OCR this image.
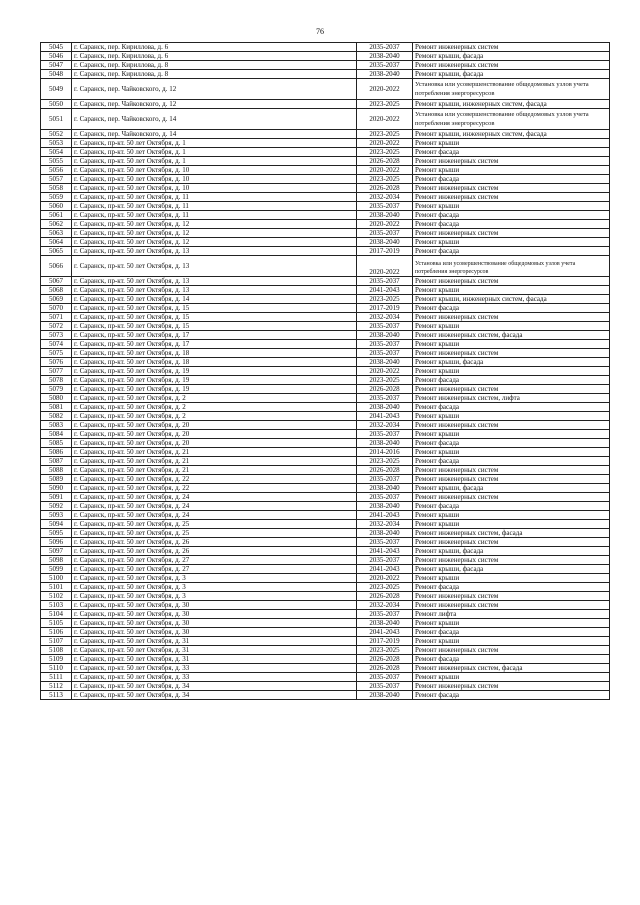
76
5045	г. Саранск, пер. Кириллова, д. 6	2035-2037	Ремонт инженерных систем
5046	г. Саранск, пер. Кириллова, д. 6	2038-2040	Ремонт крыши, фасада
5047	г. Саранск, пер. Кириллова, д. 8	2035-2037	Ремонт инженерных систем
5048	г. Саранск, пер. Кириллова, д. 8	2038-2040	Ремонт крыши, фасада
5049	г. Саранск, пер. Чайковского, д. 12	2020-2022	Установка или усовершенствование общедомовых узлов учета потребления энергоресурсов
5050	г. Саранск, пер. Чайковского, д. 12	2023-2025	Ремонт крыши, инженерных систем, фасада
5051	г. Саранск, пер. Чайковского, д. 14	2020-2022	Установка или усовершенствование общедомовых узлов учета потребления энергоресурсов
5052	г. Саранск, пер. Чайковского, д. 14	2023-2025	Ремонт крыши, инженерных систем, фасада
5053	г. Саранск, пр-кт. 50 лет Октября, д. 1	2020-2022	Ремонт крыши
5054	г. Саранск, пр-кт. 50 лет Октября, д. 1	2023-2025	Ремонт фасада
5055	г. Саранск, пр-кт. 50 лет Октября, д. 1	2026-2028	Ремонт инженерных систем
5056	г. Саранск, пр-кт. 50 лет Октября, д. 10	2020-2022	Ремонт крыши
5057	г. Саранск, пр-кт. 50 лет Октября, д. 10	2023-2025	Ремонт фасада
5058	г. Саранск, пр-кт. 50 лет Октября, д. 10	2026-2028	Ремонт инженерных систем
5059	г. Саранск, пр-кт. 50 лет Октября, д. 11	2032-2034	Ремонт инженерных систем
5060	г. Саранск, пр-кт. 50 лет Октября, д. 11	2035-2037	Ремонт крыши
5061	г. Саранск, пр-кт. 50 лет Октября, д. 11	2038-2040	Ремонт фасада
5062	г. Саранск, пр-кт. 50 лет Октября, д. 12	2020-2022	Ремонт фасада
5063	г. Саранск, пр-кт. 50 лет Октября, д. 12	2035-2037	Ремонт инженерных систем
5064	г. Саранск, пр-кт. 50 лет Октября, д. 12	2038-2040	Ремонт крыши
5065	г. Саранск, пр-кт. 50 лет Октября, д. 13	2017-2019	Ремонт фасада
5066	г. Саранск, пр-кт. 50 лет Октября, д. 13	2020-2022	Установка или усовершенствование общедомовых узлов учета потребления энергоресурсов
5067	г. Саранск, пр-кт. 50 лет Октября, д. 13	2035-2037	Ремонт инженерных систем
5068	г. Саранск, пр-кт. 50 лет Октября, д. 13	2041-2043	Ремонт крыши
5069	г. Саранск, пр-кт. 50 лет Октября, д. 14	2023-2025	Ремонт крыши, инженерных систем, фасада
5070	г. Саранск, пр-кт. 50 лет Октября, д. 15	2017-2019	Ремонт фасада
5071	г. Саранск, пр-кт. 50 лет Октября, д. 15	2032-2034	Ремонт инженерных систем
5072	г. Саранск, пр-кт. 50 лет Октября, д. 15	2035-2037	Ремонт крыши
5073	г. Саранск, пр-кт. 50 лет Октября, д. 17	2038-2040	Ремонт инженерных систем, фасада
5074	г. Саранск, пр-кт. 50 лет Октября, д. 17	2035-2037	Ремонт крыши
5075	г. Саранск, пр-кт. 50 лет Октября, д. 18	2035-2037	Ремонт инженерных систем
5076	г. Саранск, пр-кт. 50 лет Октября, д. 18	2038-2040	Ремонт крыши, фасада
5077	г. Саранск, пр-кт. 50 лет Октября, д. 19	2020-2022	Ремонт крыши
5078	г. Саранск, пр-кт. 50 лет Октября, д. 19	2023-2025	Ремонт фасада
5079	г. Саранск, пр-кт. 50 лет Октября, д. 19	2026-2028	Ремонт инженерных систем
5080	г. Саранск, пр-кт. 50 лет Октября, д. 2	2035-2037	Ремонт инженерных систем, лифта
5081	г. Саранск, пр-кт. 50 лет Октября, д. 2	2038-2040	Ремонт фасада
5082	г. Саранск, пр-кт. 50 лет Октября, д. 2	2041-2043	Ремонт крыши
5083	г. Саранск, пр-кт. 50 лет Октября, д. 20	2032-2034	Ремонт инженерных систем
5084	г. Саранск, пр-кт. 50 лет Октября, д. 20	2035-2037	Ремонт крыши
5085	г. Саранск, пр-кт. 50 лет Октября, д. 20	2038-2040	Ремонт фасада
5086	г. Саранск, пр-кт. 50 лет Октября, д. 21	2014-2016	Ремонт крыши
5087	г. Саранск, пр-кт. 50 лет Октября, д. 21	2023-2025	Ремонт фасада
5088	г. Саранск, пр-кт. 50 лет Октября, д. 21	2026-2028	Ремонт инженерных систем
5089	г. Саранск, пр-кт. 50 лет Октября, д. 22	2035-2037	Ремонт инженерных систем
5090	г. Саранск, пр-кт. 50 лет Октября, д. 22	2038-2040	Ремонт крыши, фасада
5091	г. Саранск, пр-кт. 50 лет Октября, д. 24	2035-2037	Ремонт инженерных систем
5092	г. Саранск, пр-кт. 50 лет Октября, д. 24	2038-2040	Ремонт фасада
5093	г. Саранск, пр-кт. 50 лет Октября, д. 24	2041-2043	Ремонт крыши
5094	г. Саранск, пр-кт. 50 лет Октября, д. 25	2032-2034	Ремонт крыши
5095	г. Саранск, пр-кт. 50 лет Октября, д. 25	2038-2040	Ремонт инженерных систем, фасада
5096	г. Саранск, пр-кт. 50 лет Октября, д. 26	2035-2037	Ремонт инженерных систем
5097	г. Саранск, пр-кт. 50 лет Октября, д. 26	2041-2043	Ремонт крыши, фасада
5098	г. Саранск, пр-кт. 50 лет Октября, д. 27	2035-2037	Ремонт инженерных систем
5099	г. Саранск, пр-кт. 50 лет Октября, д. 27	2041-2043	Ремонт крыши, фасада
5100	г. Саранск, пр-кт. 50 лет Октября, д. 3	2020-2022	Ремонт крыши
5101	г. Саранск, пр-кт. 50 лет Октября, д. 3	2023-2025	Ремонт фасада
5102	г. Саранск, пр-кт. 50 лет Октября, д. 3	2026-2028	Ремонт инженерных систем
5103	г. Саранск, пр-кт. 50 лет Октября, д. 30	2032-2034	Ремонт инженерных систем
5104	г. Саранск, пр-кт. 50 лет Октября, д. 30	2035-2037	Ремонт лифта
5105	г. Саранск, пр-кт. 50 лет Октября, д. 30	2038-2040	Ремонт крыши
5106	г. Саранск, пр-кт. 50 лет Октября, д. 30	2041-2043	Ремонт фасада
5107	г. Саранск, пр-кт. 50 лет Октября, д. 31	2017-2019	Ремонт крыши
5108	г. Саранск, пр-кт. 50 лет Октября, д. 31	2023-2025	Ремонт инженерных систем
5109	г. Саранск, пр-кт. 50 лет Октября, д. 31	2026-2028	Ремонт фасада
5110	г. Саранск, пр-кт. 50 лет Октября, д. 33	2026-2028	Ремонт инженерных систем, фасада
5111	г. Саранск, пр-кт. 50 лет Октября, д. 33	2035-2037	Ремонт крыши
5112	г. Саранск, пр-кт. 50 лет Октября, д. 34	2035-2037	Ремонт инженерных систем
5113	г. Саранск, пр-кт. 50 лет Октября, д. 34	2038-2040	Ремонт фасада
